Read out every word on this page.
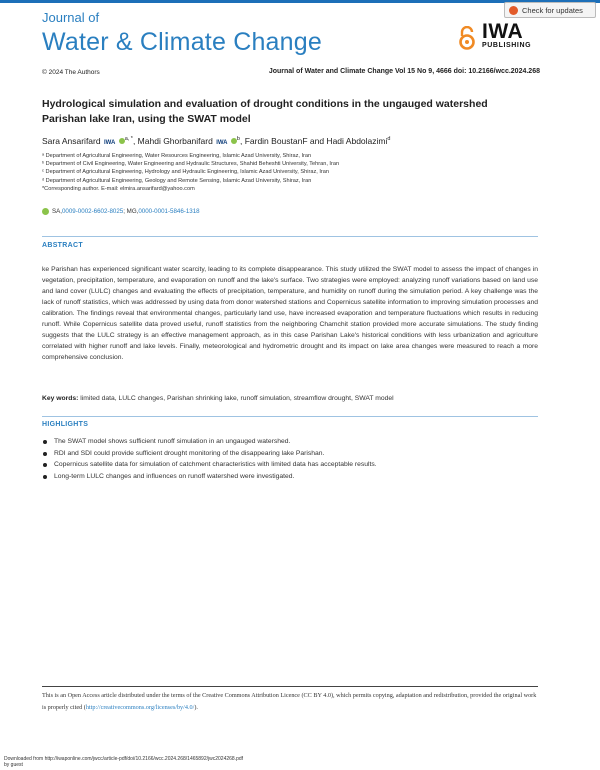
Journal of
Water & Climate Change
Check for updates
IWA
PUBLISHING
© 2024 The Authors	Journal of Water and Climate Change Vol 15 No 9, 4666 doi: 10.2166/wcc.2024.268
Hydrological simulation and evaluation of drought conditions in the ungauged watershed Parishan lake Iran, using the SWAT model
Sara Ansarifard IWA $^{a, *}$, Mahdi Ghorbanifard IWA $^b$, Fardin BoustanF and Hadi Abdolazimi$^d$
ᵃ Department of Agricultural Engineering, Water Resources Engineering, Islamic Azad University, Shiraz, Iran
ᵇ Department of Civil Engineering, Water Engineering and Hydraulic Structures, Shahid Beheshti University, Tehran, Iran
ᶜ Department of Agricultural Engineering, Hydrology and Hydraulic Engineering, Islamic Azad University, Shiraz, Iran
ᵈ Department of Agricultural Engineering, Geology and Remote Sensing, Islamic Azad University, Shiraz, Iran
*Corresponding author. E-mail: elmira.ansarifard@yahoo.com
SA, 0009-0002-6602-8025 ; MG, 0000-0001-5846-1318
ABSTRACT
ke Parishan has experienced significant water scarcity, leading to its complete disappearance. This study utilized the SWAT model to assess the impact of changes in vegetation, precipitation, temperature, and evaporation on runoff and the lake's surface. Two strategies were employed: analyzing runoff variations based on land use and land cover (LULC) changes and evaluating the effects of precipitation, temperature, and humidity on runoff during the simulation period. A key challenge was the lack of runoff statistics, which was addressed by using data from donor watershed stations and Copernicus satellite information to improving simulation processes and calibration. The findings reveal that environmental changes, particularly land use, have increased evaporation and temperature fluctuations which results in reducing runoff. While Copernicus satellite data proved useful, runoff statistics from the neighboring Chamchit station provided more accurate simulations. The study finding suggests that the LULC strategy is an effective management approach, as in this case Parishan Lake's historical conditions with less urbanization and agriculture correlated with higher runoff and lake levels. Finally, meteorological and hydrometric drought and its impact on lake area changes were measured to reach a more comprehensive conclusion.
Key words: limited data, LULC changes, Parishan shrinking lake, runoff simulation, streamflow drought, SWAT model
HIGHLIGHTS
The SWAT model shows sufficient runoff simulation in an ungauged watershed.
RDI and SDI could provide sufficient drought monitoring of the disappearing lake Parishan.
Copernicus satellite data for simulation of catchment characteristics with limited data has acceptable results.
Long-term LULC changes and influences on runoff watershed were investigated.
This is an Open Access article distributed under the terms of the Creative Commons Attribution Licence (CC BY 4.0), which permits copying, adaptation and redistribution, provided the original work is properly cited (http://creativecommons.org/licenses/by/4.0/).
Downloaded from http://iwaponline.com/jwcc/article-pdf/doi/10.2166/wcc.2024.268/1465892/jwc2024268.pdf
by guest
